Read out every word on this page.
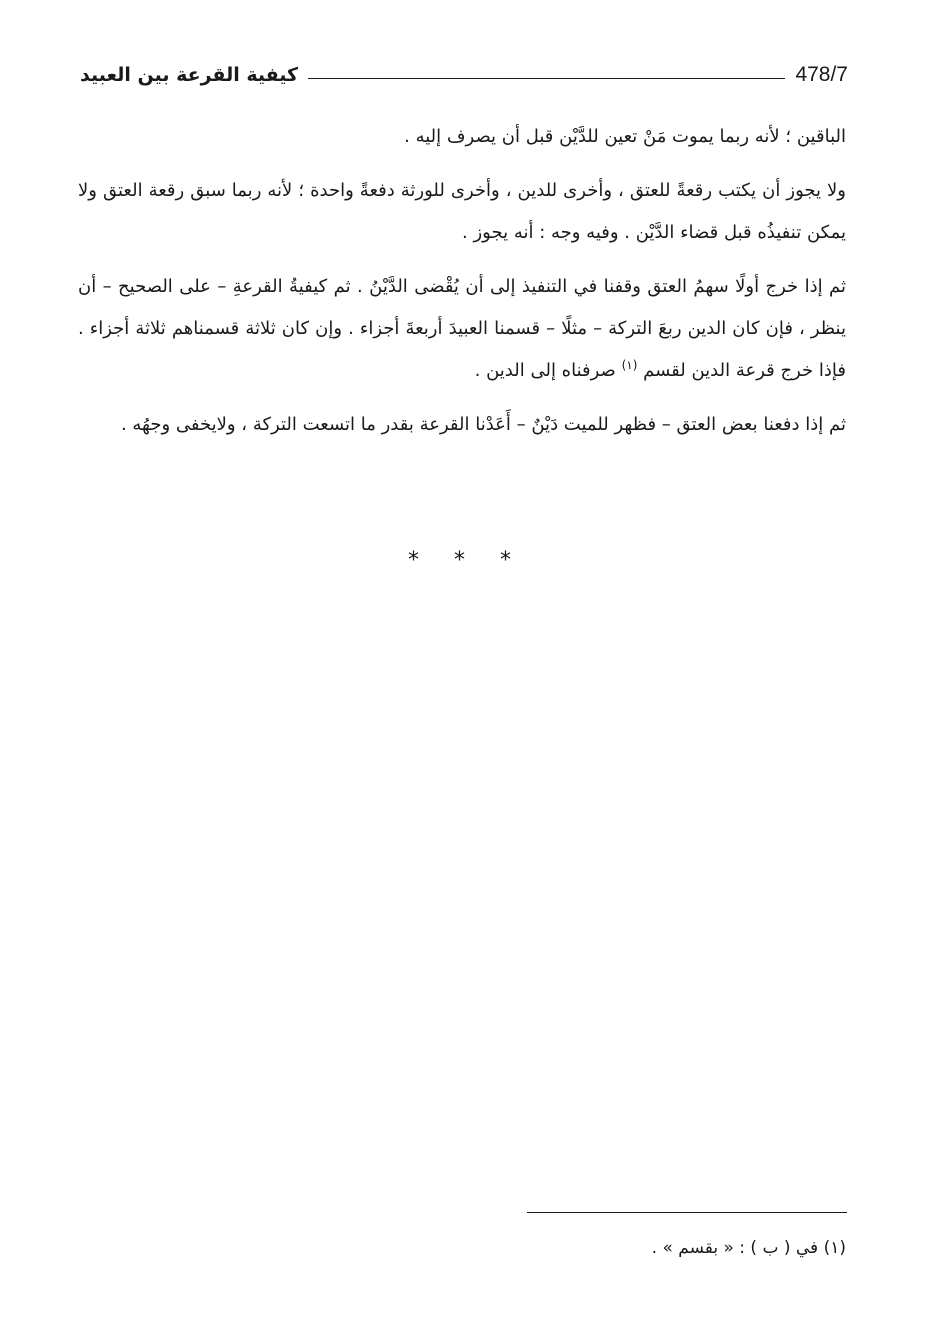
كيفية القرعة بين العبيد	478/7

الباقين ؛ لأنه ربما يموت مَنْ تعين للدَّيْن قبل أن يصرف إليه .

ولا يجوز أن يكتب رقعةً للعتق ، وأخرى للدين ، وأخرى للورثة دفعةً واحدة ؛ لأنه ربما سبق رقعة العتق ولا يمكن تنفيذُه قبل قضاء الدَّيْن . وفيه وجه : أنه يجوز .

ثم إذا خرج أولًا سهمُ العتق وقفنا في التنفيذ إلى أن يُقْضى الدَّيْنُ . ثم كيفيةُ القرعةِ – على الصحيح – أن ينظر ، فإن كان الدين ربعَ التركة – مثلًا – قسمنا العبيدَ أربعةَ أجزاء . وإن كان ثلاثة قسمناهم ثلاثة أجزاء . فإذا خرج قرعة الدين لقسم $^{(١)}$ صرفناه إلى الدين .

ثم إذا دفعنا بعض العتق – فظهر للميت دَيْنٌ – أَعَدْنا القرعة بقدر ما اتسعت التركة ، ولايخفى وجهُه .

* * *
(١) في ( ب ) : « بقسم » .
